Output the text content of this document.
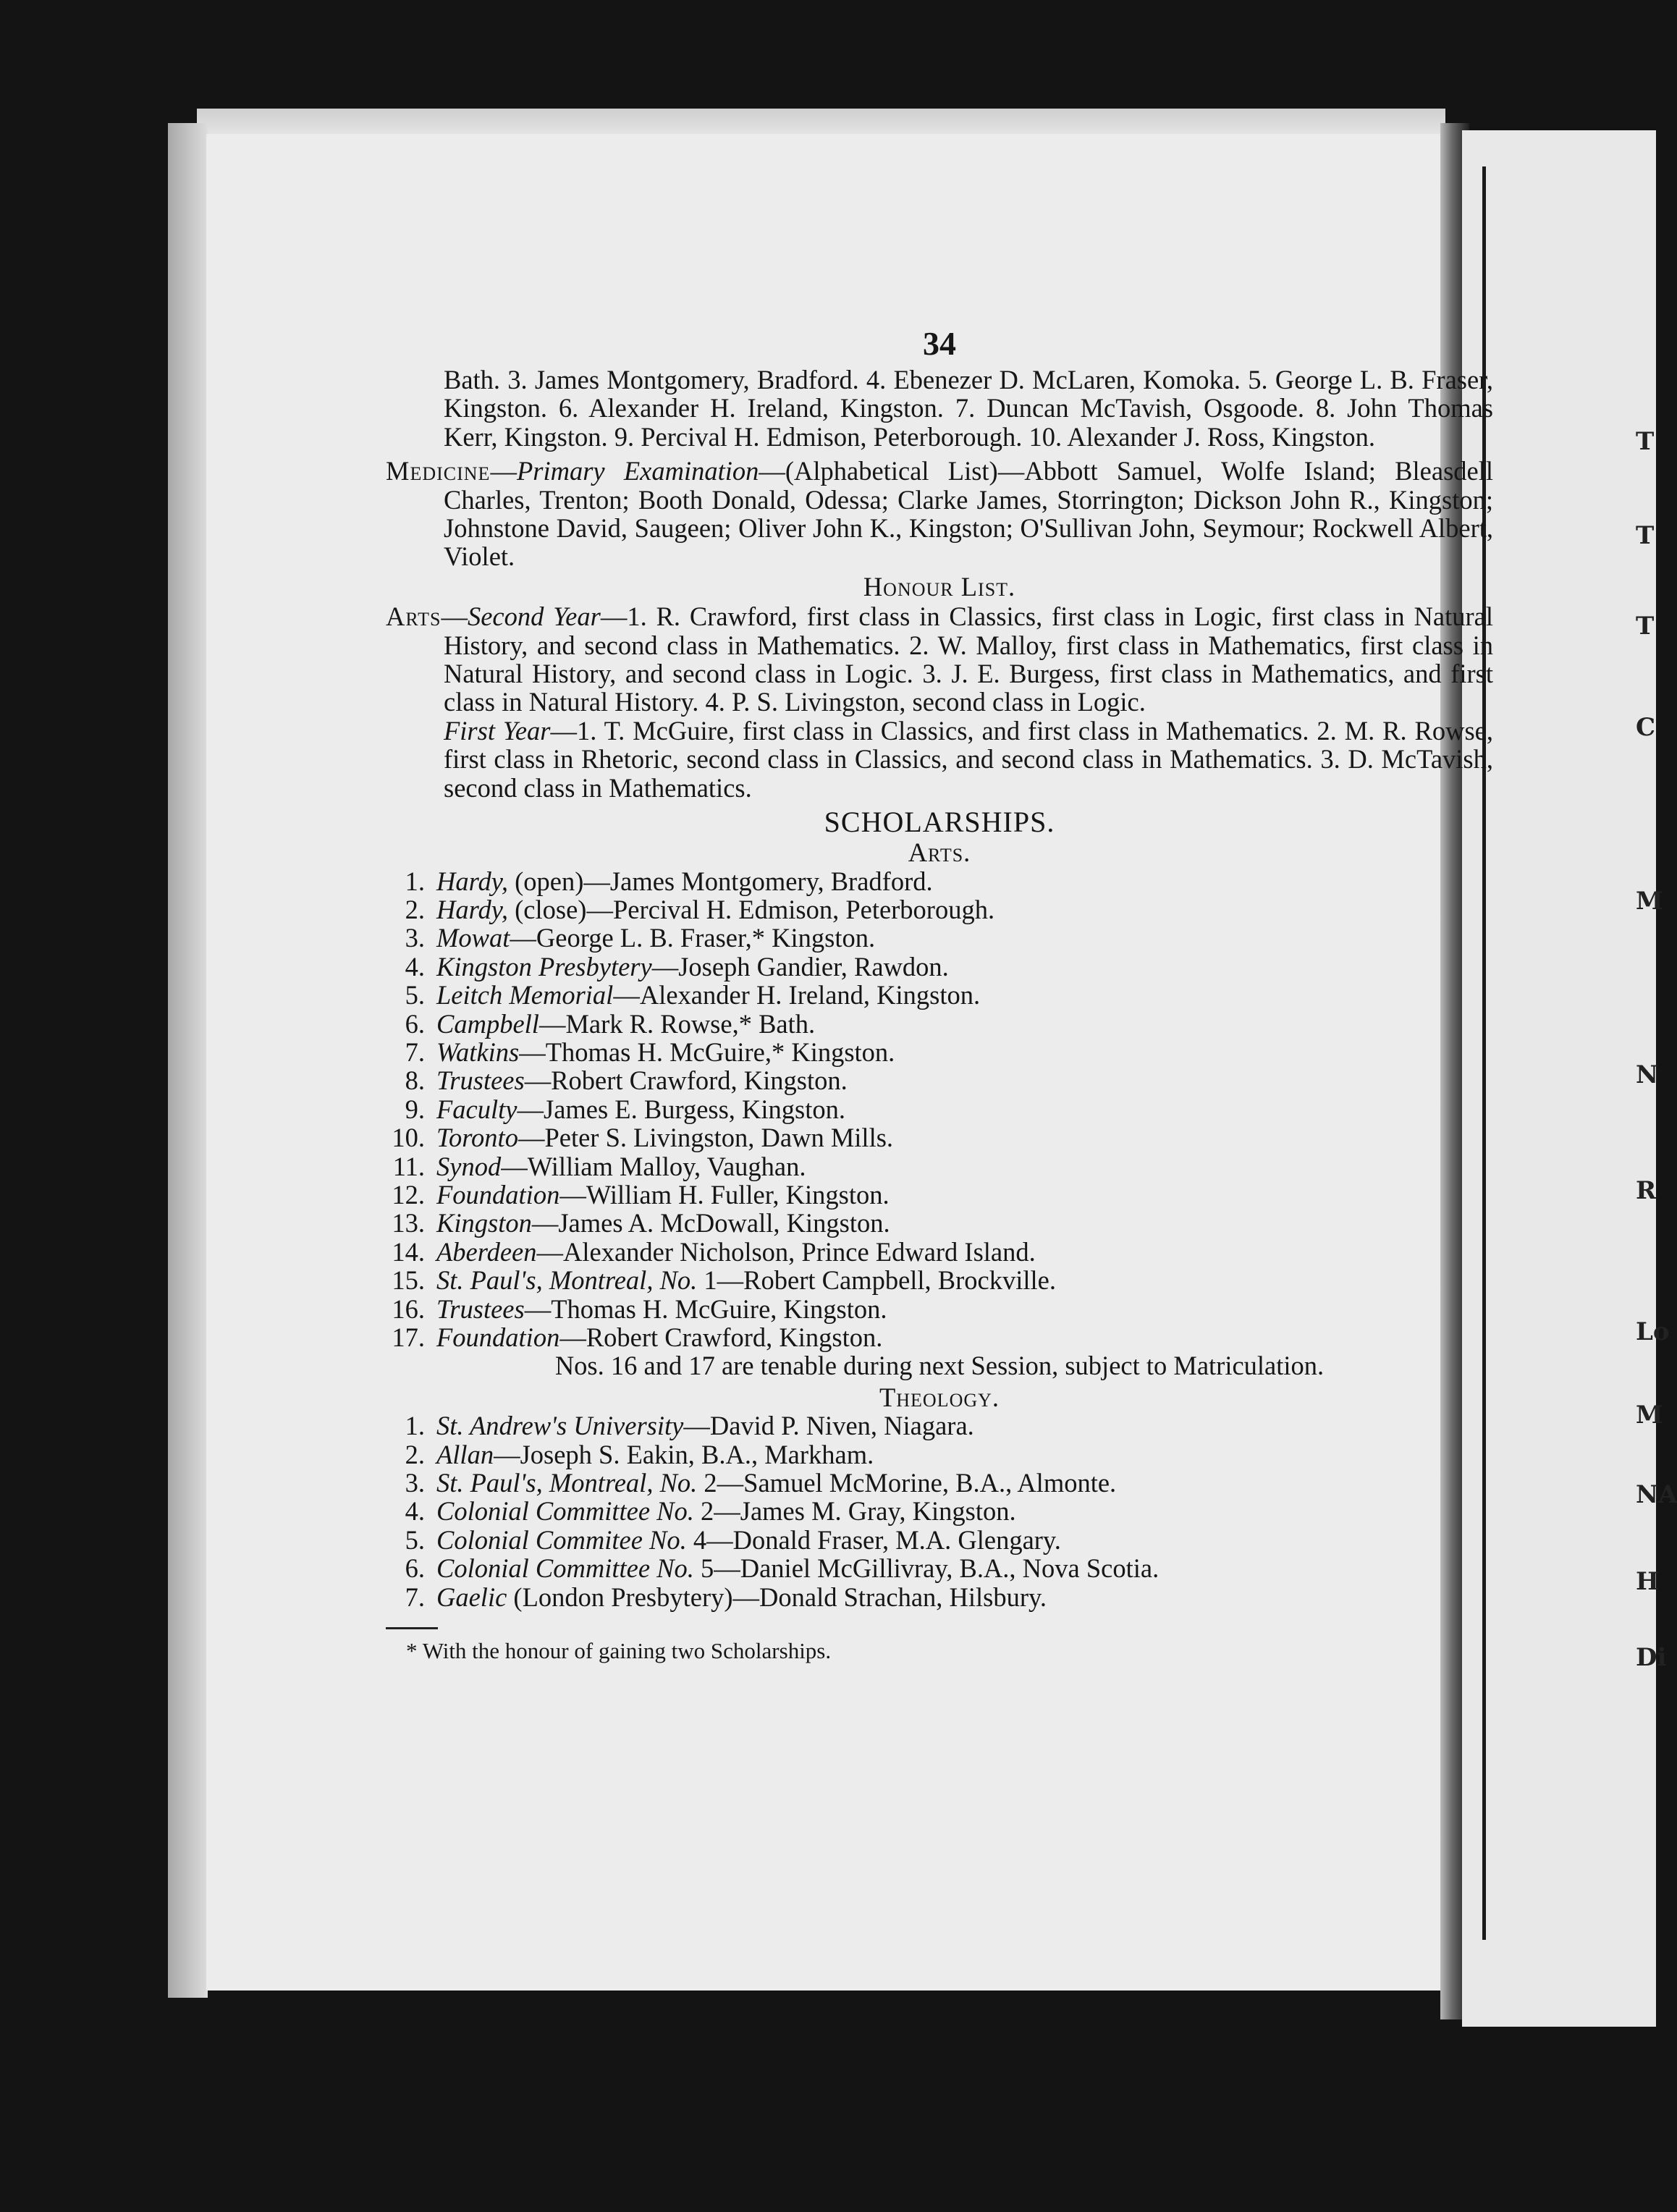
T
T
T
C
M
N
R
Lo
M
NA
H
Di

34

Bath. 3. James Montgomery, Bradford. 4. Ebenezer D. McLaren, Komoka. 5. George L. B. Fraser, Kingston. 6. Alexander H. Ireland, Kingston. 7. Duncan McTavish, Osgoode. 8. John Thomas Kerr, Kingston. 9. Percival H. Edmison, Peterborough. 10. Alexander J. Ross, Kingston.

Medicine—Primary Examination—(Alphabetical List)—Abbott Samuel, Wolfe Island; Bleasdell Charles, Trenton; Booth Donald, Odessa; Clarke James, Storrington; Dickson John R., Kingston; Johnstone David, Saugeen; Oliver John K., Kingston; O'Sullivan John, Seymour; Rockwell Albert, Violet.

Honour List.

Arts—Second Year—1. R. Crawford, first class in Classics, first class in Logic, first class in Natural History, and second class in Mathematics. 2. W. Malloy, first class in Mathematics, first class in Natural History, and second class in Logic. 3. J. E. Burgess, first class in Mathematics, and first class in Natural History. 4. P. S. Livingston, second class in Logic.

First Year—1. T. McGuire, first class in Classics, and first class in Mathematics. 2. M. R. Rowse, first class in Rhetoric, second class in Classics, and second class in Mathematics. 3. D. McTavish, second class in Mathematics.

SCHOLARSHIPS.

Arts.

1. Hardy, (open)—James Montgomery, Bradford.
2. Hardy, (close)—Percival H. Edmison, Peterborough.
3. Mowat—George L. B. Fraser,* Kingston.
4. Kingston Presbytery—Joseph Gandier, Rawdon.
5. Leitch Memorial—Alexander H. Ireland, Kingston.
6. Campbell—Mark R. Rowse,* Bath.
7. Watkins—Thomas H. McGuire,* Kingston.
8. Trustees—Robert Crawford, Kingston.
9. Faculty—James E. Burgess, Kingston.
10. Toronto—Peter S. Livingston, Dawn Mills.
11. Synod—William Malloy, Vaughan.
12. Foundation—William H. Fuller, Kingston.
13. Kingston—James A. McDowall, Kingston.
14. Aberdeen—Alexander Nicholson, Prince Edward Island.
15. St. Paul's, Montreal, No. 1—Robert Campbell, Brockville.
16. Trustees—Thomas H. McGuire, Kingston.
17. Foundation—Robert Crawford, Kingston.

Nos. 16 and 17 are tenable during next Session, subject to Matriculation.

Theology.

1. St. Andrew's University—David P. Niven, Niagara.
2. Allan—Joseph S. Eakin, B.A., Markham.
3. St. Paul's, Montreal, No. 2—Samuel McMorine, B.A., Almonte.
4. Colonial Committee No. 2—James M. Gray, Kingston.
5. Colonial Commitee No. 4—Donald Fraser, M.A. Glengary.
6. Colonial Committee No. 5—Daniel McGillivray, B.A., Nova Scotia.
7. Gaelic (London Presbytery)—Donald Strachan, Hilsbury.

* With the honour of gaining two Scholarships.
